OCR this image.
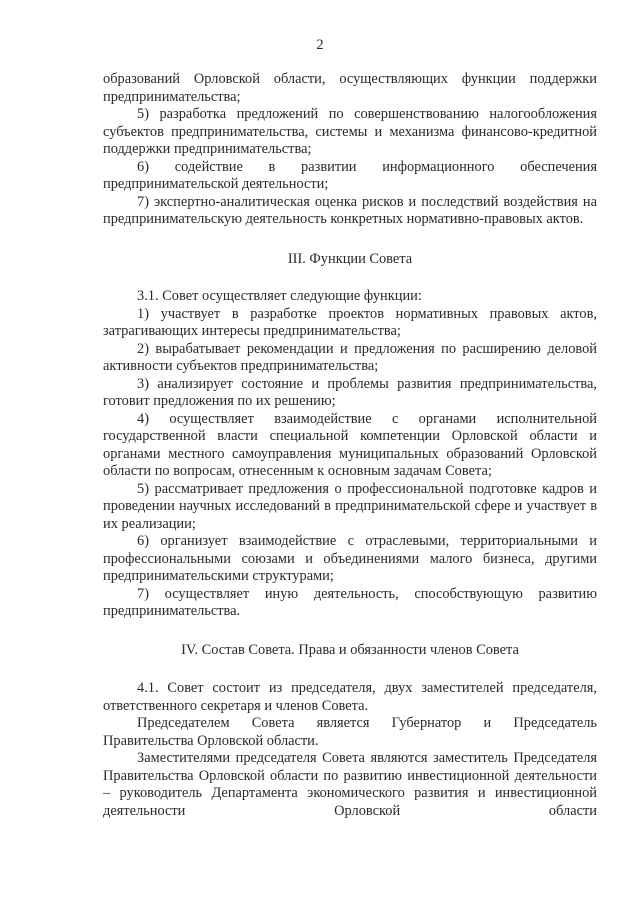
2

образований Орловской области, осуществляющих функции поддержки предпринимательства;

5) разработка предложений по совершенствованию налогообложения субъектов предпринимательства, системы и механизма финансово-кредитной поддержки предпринимательства;

6) содействие в развитии информационного обеспечения предпринимательской деятельности;

7) экспертно-аналитическая оценка рисков и последствий воздействия на предпринимательскую деятельность конкретных нормативно-правовых актов.

III. Функции Совета

3.1. Совет осуществляет следующие функции:

1) участвует в разработке проектов нормативных правовых актов, затрагивающих интересы предпринимательства;

2) вырабатывает рекомендации и предложения по расширению деловой активности субъектов предпринимательства;

3) анализирует состояние и проблемы развития предпринимательства, готовит предложения по их решению;

4) осуществляет взаимодействие с органами исполнительной государственной власти специальной компетенции Орловской области и органами местного самоуправления муниципальных образований Орловской области по вопросам, отнесенным к основным задачам Совета;

5) рассматривает предложения о профессиональной подготовке кадров и проведении научных исследований в предпринимательской сфере и участвует в их реализации;

6) организует взаимодействие с отраслевыми, территориальными и профессиональными союзами и объединениями малого бизнеса, другими предпринимательскими структурами;

7) осуществляет иную деятельность, способствующую развитию предпринимательства.

IV. Состав Совета. Права и обязанности членов Совета

4.1. Совет состоит из председателя, двух заместителей председателя, ответственного секретаря и членов Совета.

Председателем Совета является Губернатор и Председатель Правительства Орловской области.

Заместителями председателя Совета являются заместитель Председателя Правительства Орловской области по развитию инвестиционной деятельности – руководитель Департамента экономического развития и инвестиционной деятельности Орловской области
